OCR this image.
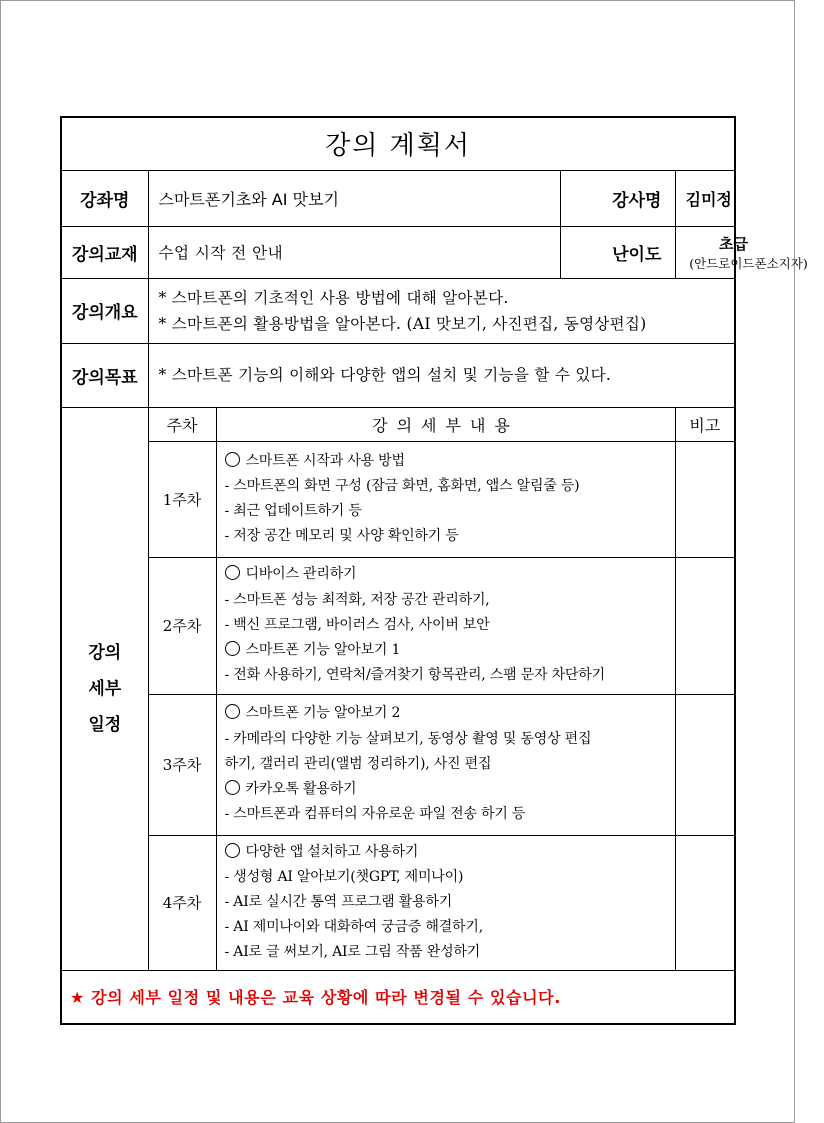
강의 계획서					
강좌명	스마트폰기초와 AI 맛보기			강사명	김미정
강의교재	수업 시작 전 안내			난이도	초급
(안드로이드폰소지자)

강의개요	* 스마트폰의 기초적인 사용 방법에 대해 알아본다.
* 스마트폰의 활용방법을 알아본다. (AI 맛보기, 사진편집, 동영상편집)				

강의목표	* 스마트폰 기능의 이해와 다양한 앱의 설치 및 기능을 할 수 있다.				

강의
세부
일정	주차	강의세부내용			비고
	1주차	스마트폰 시작과 사용 방법
- 스마트폰의 화면 구성 (잠금 화면, 홈화면, 앱스 알림줄 등)
- 최근 업데이트하기 등
- 저장 공간 메모리 및 사양 확인하기 등			

	2주차	디바이스 관리하기
- 스마트폰 성능 최적화, 저장 공간 관리하기,
- 백신 프로그램, 바이러스 검사, 사이버 보안
스마트폰 기능 알아보기 1
- 전화 사용하기, 연락처/즐겨찾기 항목관리, 스팸 문자 차단하기			

	3주차	스마트폰 기능 알아보기 2
- 카메라의 다양한 기능 살펴보기, 동영상 촬영 및 동영상 편집
하기, 갤러리 관리(앨범 정리하기), 사진 편집
카카오톡 활용하기
- 스마트폰과 컴퓨터의 자유로운 파일 전송 하기 등			

	4주차	다양한 앱 설치하고 사용하기
- 생성형 AI 알아보기(챗GPT, 제미나이)
- AI로 실시간 통역 프로그램 활용하기
- AI 제미나이와 대화하여 궁금증 해결하기,
- AI로 글 써보기, AI로 그림 작품 완성하기			

★ 강의 세부 일정 및 내용은 교육 상황에 따라 변경될 수 있습니다.					
